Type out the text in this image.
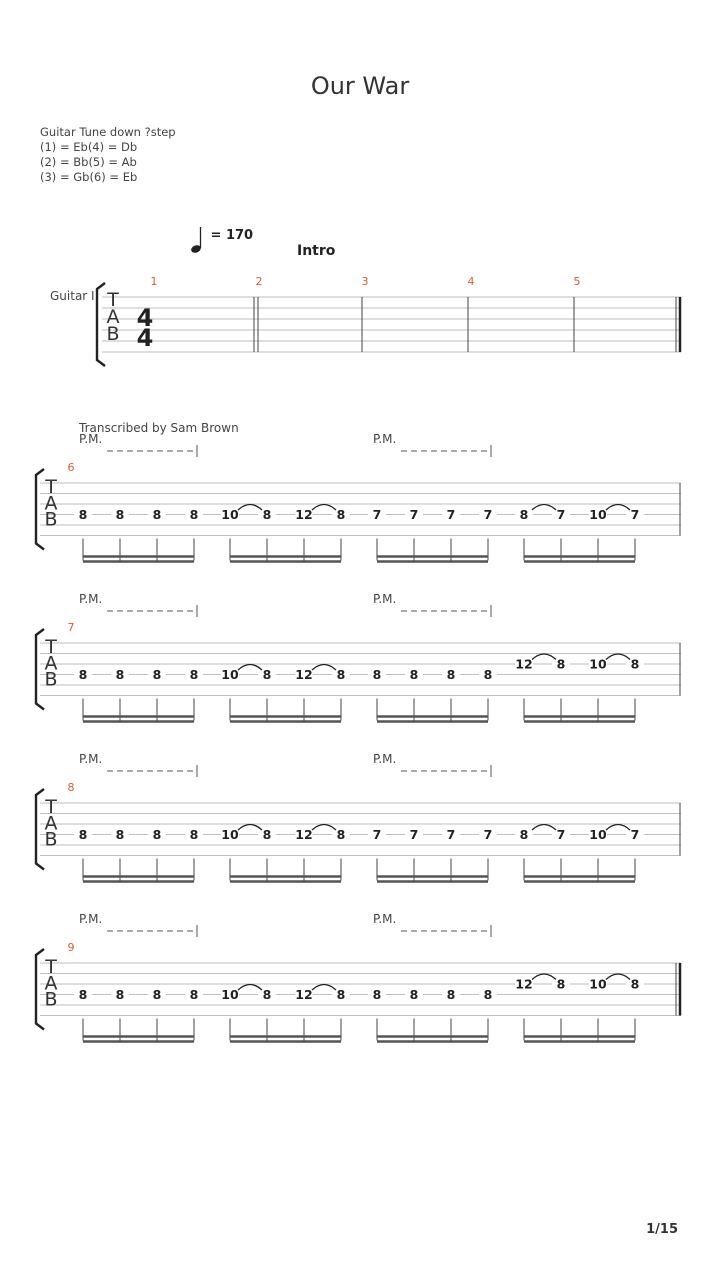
Our War
Guitar Tune down ?step
(1) = Eb(4) = Db
(2) = Bb(5) = Ab
(3) = Gb(6) = Eb
= 170
Intro
Transcribed by Sam Brown
Guitar I T
A
B
4
4
1	2	3	4	5
P.M.	P.M.
T
A
B
6
8 8 8 8 10 8 12 8 7 7 7 7 8 7 10 7
P.M.	P.M.
T
A
B
7
8 8 8 8 10 8 12 8 8 8 8 8
12 8 10 8
P.M.	P.M.
T
A
B
8
8 8 8 8 10 8 12 8 7 7 7 7 8 7 10 7
P.M.	P.M.
T
A
B
9
8 8 8 8 10 8 12 8 8 8 8 8
12 8 10 8
1/15
